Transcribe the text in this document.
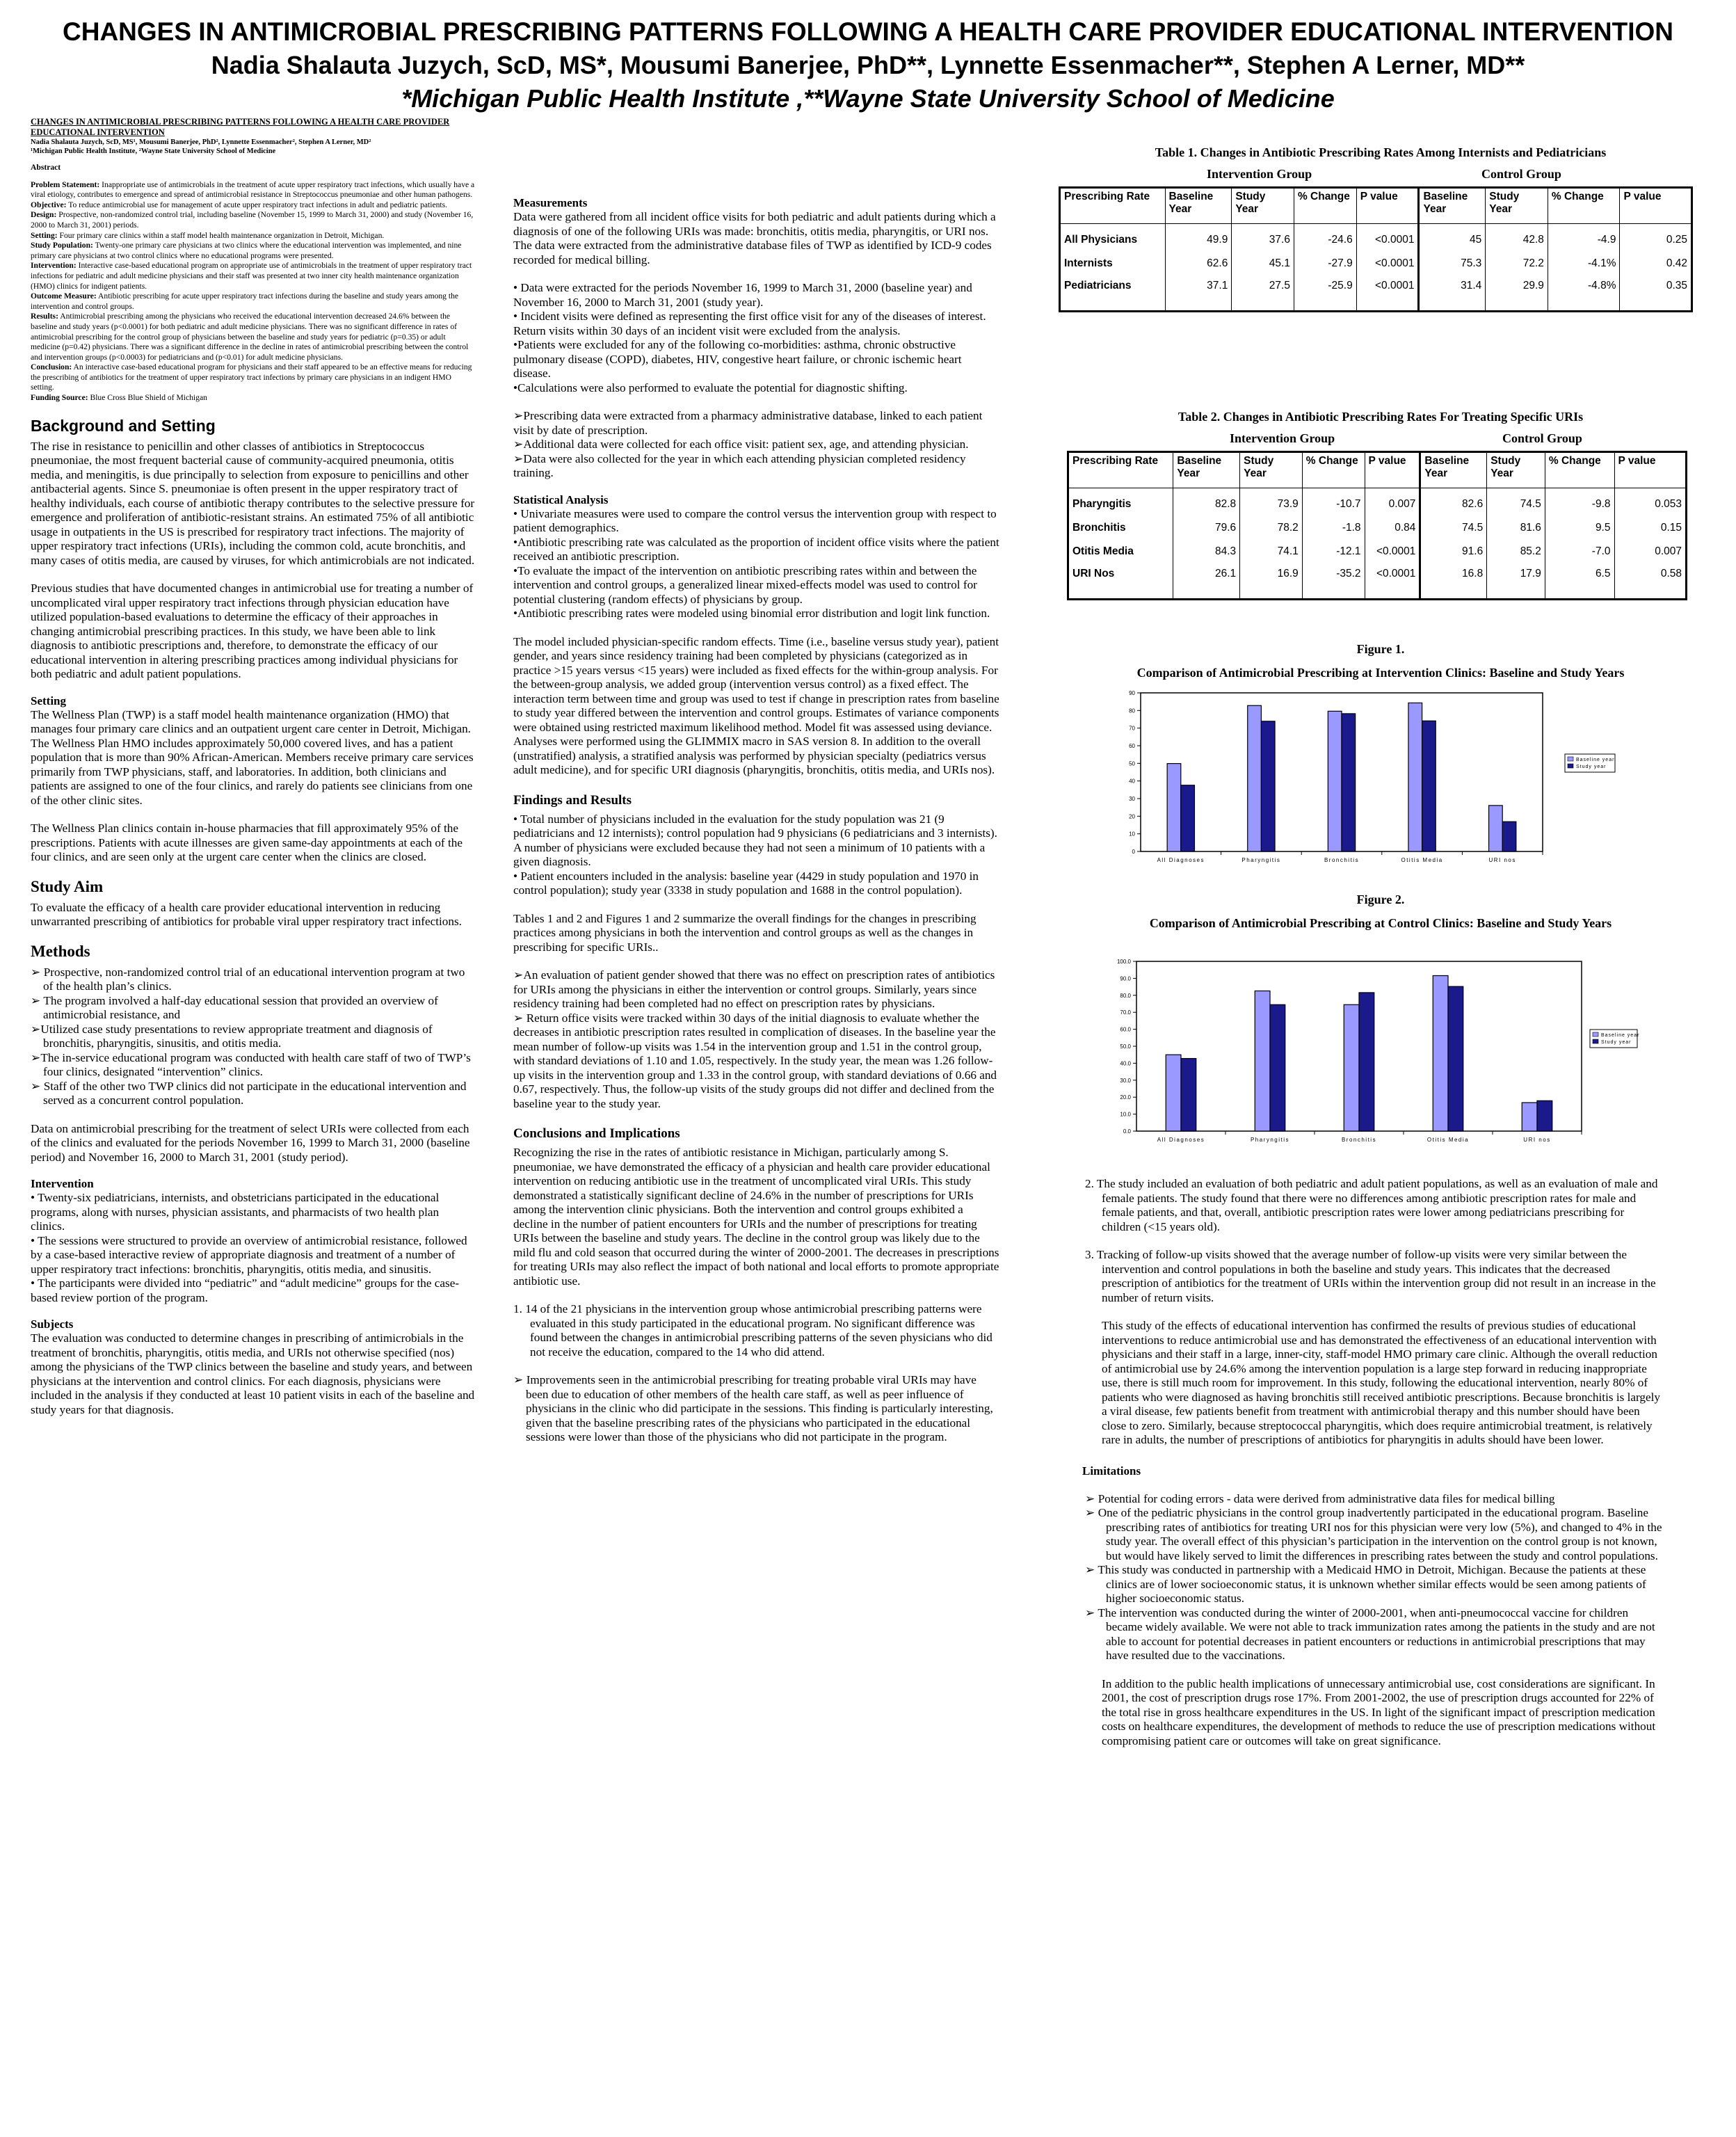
CHANGES IN ANTIMICROBIAL PRESCRIBING PATTERNS FOLLOWING A HEALTH CARE PROVIDER EDUCATIONAL INTERVENTION
Nadia Shalauta Juzych, ScD, MS*, Mousumi Banerjee, PhD**, Lynnette Essenmacher**, Stephen A Lerner, MD**
*Michigan Public Health Institute ,**Wayne State University School of Medicine
CHANGES IN ANTIMICROBIAL PRESCRIBING PATTERNS FOLLOWING A HEALTH CARE PROVIDER EDUCATIONAL INTERVENTION
Nadia Shalauta Juzych, ScD, MS¹, Mousumi Banerjee, PhD², Lynnette Essenmacher², Stephen A Lerner, MD²
¹Michigan Public Health Institute, ²Wayne State University School of Medicine
Abstract

Problem Statement: Inappropriate use of antimicrobials in the treatment of acute upper respiratory tract infections, which usually have a viral etiology, contributes to emergence and spread of antimicrobial resistance in Streptococcus pneumoniae and other human pathogens.

Objective: To reduce antimicrobial use for management of acute upper respiratory tract infections in adult and pediatric patients.

Design: Prospective, non-randomized control trial, including baseline (November 15, 1999 to March 31, 2000) and study (November 16, 2000 to March 31, 2001) periods.

Setting: Four primary care clinics within a staff model health maintenance organization in Detroit, Michigan.

Study Population: Twenty-one primary care physicians at two clinics where the educational intervention was implemented, and nine primary care physicians at two control clinics where no educational programs were presented.

Intervention: Interactive case-based educational program on appropriate use of antimicrobials in the treatment of upper respiratory tract infections for pediatric and adult medicine physicians and their staff was presented at two inner city health maintenance organization (HMO) clinics for indigent patients.

Outcome Measure: Antibiotic prescribing for acute upper respiratory tract infections during the baseline and study years among the intervention and control groups.

Results: Antimicrobial prescribing among the physicians who received the educational intervention decreased 24.6% between the baseline and study years (p<0.0001) for both pediatric and adult medicine physicians. There was no significant difference in rates of antimicrobial prescribing for the control group of physicians between the baseline and study years for pediatric (p=0.35) or adult medicine (p=0.42) physicians. There was a significant difference in the decline in rates of antimicrobial prescribing between the control and intervention groups (p<0.0003) for pediatricians and (p<0.01) for adult medicine physicians.

Conclusion: An interactive case-based educational program for physicians and their staff appeared to be an effective means for reducing the prescribing of antibiotics for the treatment of upper respiratory tract infections by primary care physicians in an indigent HMO setting.

Funding Source: Blue Cross Blue Shield of Michigan

Background and Setting
The rise in resistance to penicillin and other classes of antibiotics in Streptococcus pneumoniae, the most frequent bacterial cause of community-acquired pneumonia, otitis media, and meningitis, is due principally to selection from exposure to penicillins and other antibacterial agents. Since S. pneumoniae is often present in the upper respiratory tract of healthy individuals, each course of antibiotic therapy contributes to the selective pressure for emergence and proliferation of antibiotic-resistant strains. An estimated 75% of all antibiotic usage in outpatients in the US is prescribed for respiratory tract infections. The majority of upper respiratory tract infections (URIs), including the common cold, acute bronchitis, and many cases of otitis media, are caused by viruses, for which antimicrobials are not indicated.
Previous studies that have documented changes in antimicrobial use for treating a number of uncomplicated viral upper respiratory tract infections through physician education have utilized population-based evaluations to determine the efficacy of their approaches in changing antimicrobial prescribing practices. In this study, we have been able to link diagnosis to antibiotic prescriptions and, therefore, to demonstrate the efficacy of our educational intervention in altering prescribing practices among individual physicians for both pediatric and adult patient populations.
Setting
The Wellness Plan (TWP) is a staff model health maintenance organization (HMO) that manages four primary care clinics and an outpatient urgent care center in Detroit, Michigan. The Wellness Plan HMO includes approximately 50,000 covered lives, and has a patient population that is more than 90% African-American. Members receive primary care services primarily from TWP physicians, staff, and laboratories. In addition, both clinicians and patients are assigned to one of the four clinics, and rarely do patients see clinicians from one of the other clinic sites.
The Wellness Plan clinics contain in-house pharmacies that fill approximately 95% of the prescriptions. Patients with acute illnesses are given same-day appointments at each of the four clinics, and are seen only at the urgent care center when the clinics are closed.
Study Aim
To evaluate the efficacy of a health care provider educational intervention in reducing unwarranted prescribing of antibiotics for probable viral upper respiratory tract infections.
Methods
➢ Prospective, non-randomized control trial of an educational intervention program at two of the health plan’s clinics.
➢ The program involved a half-day educational session that provided an overview of antimicrobial resistance, and
➢Utilized case study presentations to review appropriate treatment and diagnosis of bronchitis, pharyngitis, sinusitis, and otitis media.
➢The in-service educational program was conducted with health care staff of two of TWP’s four clinics, designated “intervention” clinics.
➢ Staff of the other two TWP clinics did not participate in the educational intervention and served as a concurrent control population.
Data on antimicrobial prescribing for the treatment of select URIs were collected from each of the clinics and evaluated for the periods November 16, 1999 to March 31, 2000 (baseline period) and November 16, 2000 to March 31, 2001 (study period).
Intervention
• Twenty-six pediatricians, internists, and obstetricians participated in the educational programs, along with nurses, physician assistants, and pharmacists of two health plan clinics.
• The sessions were structured to provide an overview of antimicrobial resistance, followed by a case-based interactive review of appropriate diagnosis and treatment of a number of upper respiratory tract infections: bronchitis, pharyngitis, otitis media, and sinusitis.
• The participants were divided into “pediatric” and “adult medicine” groups for the case-based review portion of the program.
Subjects
The evaluation was conducted to determine changes in prescribing of antimicrobials in the treatment of bronchitis, pharyngitis, otitis media, and URIs not otherwise specified (nos) among the physicians of the TWP clinics between the baseline and study years, and between physicians at the intervention and control clinics. For each diagnosis, physicians were included in the analysis if they conducted at least 10 patient visits in each of the baseline and study years for that diagnosis.
Measurements
Data were gathered from all incident office visits for both pediatric and adult patients during which a diagnosis of one of the following URIs was made: bronchitis, otitis media, pharyngitis, or URI nos. The data were extracted from the administrative database files of TWP as identified by ICD-9 codes recorded for medical billing.
• Data were extracted for the periods November 16, 1999 to March 31, 2000 (baseline year) and November 16, 2000 to March 31, 2001 (study year).
• Incident visits were defined as representing the first office visit for any of the diseases of interest. Return visits within 30 days of an incident visit were excluded from the analysis.
•Patients were excluded for any of the following co-morbidities: asthma, chronic obstructive pulmonary disease (COPD), diabetes, HIV, congestive heart failure, or chronic ischemic heart disease.
•Calculations were also performed to evaluate the potential for diagnostic shifting.
➢Prescribing data were extracted from a pharmacy administrative database, linked to each patient visit by date of prescription.
➢Additional data were collected for each office visit: patient sex, age, and attending physician.
➢Data were also collected for the year in which each attending physician completed residency training.
Statistical Analysis
• Univariate measures were used to compare the control versus the intervention group with respect to patient demographics.
•Antibiotic prescribing rate was calculated as the proportion of incident office visits where the patient received an antibiotic prescription.
•To evaluate the impact of the intervention on antibiotic prescribing rates within and between the intervention and control groups, a generalized linear mixed-effects model was used to control for potential clustering (random effects) of physicians by group.
•Antibiotic prescribing rates were modeled using binomial error distribution and logit link function.
The model included physician-specific random effects. Time (i.e., baseline versus study year), patient gender, and years since residency training had been completed by physicians (categorized as in practice >15 years versus <15 years) were included as fixed effects for the within-group analysis. For the between-group analysis, we added group (intervention versus control) as a fixed effect. The interaction term between time and group was used to test if change in prescription rates from baseline to study year differed between the intervention and control groups. Estimates of variance components were obtained using restricted maximum likelihood method. Model fit was assessed using deviance. Analyses were performed using the GLIMMIX macro in SAS version 8. In addition to the overall (unstratified) analysis, a stratified analysis was performed by physician specialty (pediatrics versus adult medicine), and for specific URI diagnosis (pharyngitis, bronchitis, otitis media, and URIs nos).
Findings and Results
• Total number of physicians included in the evaluation for the study population was 21 (9 pediatricians and 12 internists); control population had 9 physicians (6 pediatricians and 3 internists). A number of physicians were excluded because they had not seen a minimum of 10 patients with a given diagnosis.
• Patient encounters included in the analysis: baseline year (4429 in study population and 1970 in control population); study year (3338 in study population and 1688 in the control population).
Tables 1 and 2 and Figures 1 and 2 summarize the overall findings for the changes in prescribing practices among physicians in both the intervention and control groups as well as the changes in prescribing for specific URIs..
➢An evaluation of patient gender showed that there was no effect on prescription rates of antibiotics for URIs among the physicians in either the intervention or control groups. Similarly, years since residency training had been completed had no effect on prescription rates by physicians.
➢ Return office visits were tracked within 30 days of the initial diagnosis to evaluate whether the decreases in antibiotic prescription rates resulted in complication of diseases. In the baseline year the mean number of follow-up visits was 1.54 in the intervention group and 1.51 in the control group, with standard deviations of 1.10 and 1.05, respectively. In the study year, the mean was 1.26 follow-up visits in the intervention group and 1.33 in the control group, with standard deviations of 0.66 and 0.67, respectively. Thus, the follow-up visits of the study groups did not differ and declined from the baseline year to the study year.
Conclusions and Implications
Recognizing the rise in the rates of antibiotic resistance in Michigan, particularly among S. pneumoniae, we have demonstrated the efficacy of a physician and health care provider educational intervention on reducing antibiotic use in the treatment of uncomplicated viral URIs. This study demonstrated a statistically significant decline of 24.6% in the number of prescriptions for URIs among the intervention clinic physicians. Both the intervention and control groups exhibited a decline in the number of patient encounters for URIs and the number of prescriptions for treating URIs between the baseline and study years. The decline in the control group was likely due to the mild flu and cold season that occurred during the winter of 2000-2001. The decreases in prescriptions for treating URIs may also reflect the impact of both national and local efforts to promote appropriate antibiotic use.
1. 14 of the 21 physicians in the intervention group whose antimicrobial prescribing patterns were evaluated in this study participated in the educational program. No significant difference was found between the changes in antimicrobial prescribing patterns of the seven physicians who did not receive the education, compared to the 14 who did attend.
➢ Improvements seen in the antimicrobial prescribing for treating probable viral URIs may have been due to education of other members of the health care staff, as well as peer influence of physicians in the clinic who did participate in the sessions. This finding is particularly interesting, given that the baseline prescribing rates of the physicians who participated in the educational sessions were lower than those of the physicians who did not participate in the program.
Table 1. Changes in Antibiotic Prescribing Rates Among Internists and Pediatricians
Intervention Group	Control Group
Prescribing Rate	Baseline Year	Study Year	% Change	P value	Baseline Year	Study Year	% Change	P value
All Physicians	49.9	37.6	-24.6	<0.0001	45	42.8	-4.9	0.25
Internists	62.6	45.1	-27.9	<0.0001	75.3	72.2	-4.1%	0.42
Pediatricians	37.1	27.5	-25.9	<0.0001	31.4	29.9	-4.8%	0.35
Table 2. Changes in Antibiotic Prescribing Rates For Treating Specific URIs
Intervention Group	Control Group
Prescribing Rate	Baseline Year	Study Year	% Change	P value	Baseline Year	Study Year	% Change	P value
Pharyngitis	82.8	73.9	-10.7	0.007	82.6	74.5	-9.8	0.053
Bronchitis	79.6	78.2	-1.8	0.84	74.5	81.6	9.5	0.15
Otitis Media	84.3	74.1	-12.1	<0.0001	91.6	85.2	-7.0	0.007
URI Nos	26.1	16.9	-35.2	<0.0001	16.8	17.9	6.5	0.58
Figure 1.
Comparison of Antimicrobial Prescribing at Intervention Clinics: Baseline and Study Years
0
10
20
30
40
50
60
70
80
90
All Diagnoses	Pharyngitis	Bronchitis	Otitis Media	URI nos
Baseline year
Study year
Figure 2.
Comparison of Antimicrobial Prescribing at Control Clinics: Baseline and Study Years
0.0
10.0
20.0
30.0
40.0
50.0
60.0
70.0
80.0
90.0
100.0
All Diagnoses	Pharyngitis	Bronchitis	Otitis Media	URI nos
Baseline year
Study year
2. The study included an evaluation of both pediatric and adult patient populations, as well as an evaluation of male and female patients. The study found that there were no differences among antibiotic prescription rates for male and female patients, and that, overall, antibiotic prescription rates were lower among pediatricians prescribing for children (<15 years old).
3. Tracking of follow-up visits showed that the average number of follow-up visits were very similar between the intervention and control populations in both the baseline and study years. This indicates that the decreased prescription of antibiotics for the treatment of URIs within the intervention group did not result in an increase in the number of return visits.
This study of the effects of educational intervention has confirmed the results of previous studies of educational interventions to reduce antimicrobial use and has demonstrated the effectiveness of an educational intervention with physicians and their staff in a large, inner-city, staff-model HMO primary care clinic. Although the overall reduction of antimicrobial use by 24.6% among the intervention population is a large step forward in reducing inappropriate use, there is still much room for improvement. In this study, following the educational intervention, nearly 80% of patients who were diagnosed as having bronchitis still received antibiotic prescriptions. Because bronchitis is largely a viral disease, few patients benefit from treatment with antimicrobial therapy and this number should have been close to zero. Similarly, because streptococcal pharyngitis, which does require antimicrobial treatment, is relatively rare in adults, the number of prescriptions of antibiotics for pharyngitis in adults should have been lower.
Limitations
➢ Potential for coding errors - data were derived from administrative data files for medical billing
➢ One of the pediatric physicians in the control group inadvertently participated in the educational program. Baseline prescribing rates of antibiotics for treating URI nos for this physician were very low (5%), and changed to 4% in the study year. The overall effect of this physician’s participation in the intervention on the control group is not known, but would have likely served to limit the differences in prescribing rates between the study and control populations.
➢ This study was conducted in partnership with a Medicaid HMO in Detroit, Michigan. Because the patients at these clinics are of lower socioeconomic status, it is unknown whether similar effects would be seen among patients of higher socioeconomic status.
➢ The intervention was conducted during the winter of 2000-2001, when anti-pneumococcal vaccine for children became widely available. We were not able to track immunization rates among the patients in the study and are not able to account for potential decreases in patient encounters or reductions in antimicrobial prescriptions that may have resulted due to the vaccinations.
In addition to the public health implications of unnecessary antimicrobial use, cost considerations are significant. In 2001, the cost of prescription drugs rose 17%. From 2001-2002, the use of prescription drugs accounted for 22% of the total rise in gross healthcare expenditures in the US. In light of the significant impact of prescription medication costs on healthcare expenditures, the development of methods to reduce the use of prescription medications without compromising patient care or outcomes will take on great significance.
